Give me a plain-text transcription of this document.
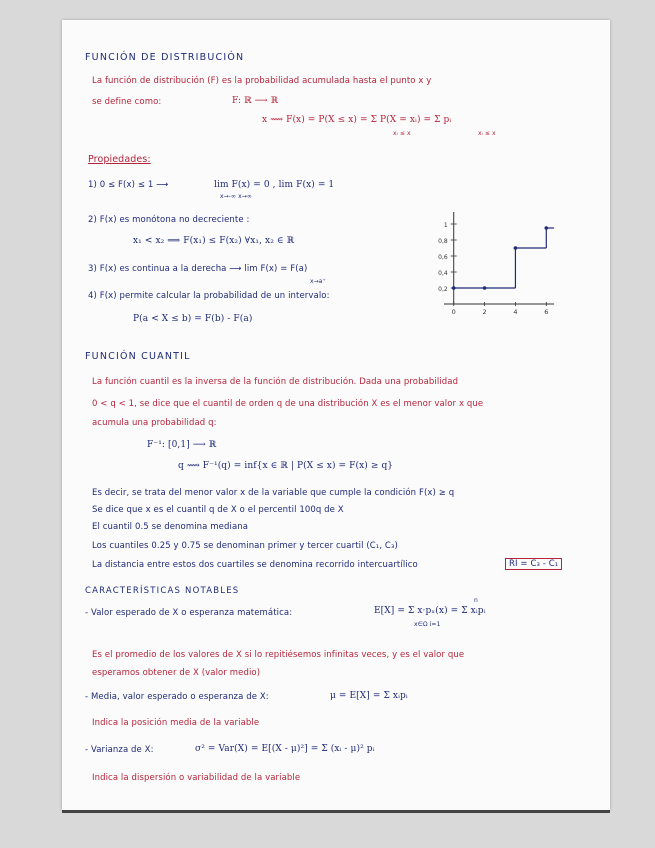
FUNCIÓN DE DISTRIBUCIÓN
La función de distribución (F) es la probabilidad acumulada hasta el punto x y
se define como:	F: ℝ ⟶ ℝ
x ⟿ F(x) = P(X ≤ x) = Σ P(X = xᵢ) = Σ pᵢ
xᵢ ≤ x	xᵢ ≤ x
Propiedades:
1) 0 ≤ F(x) ≤ 1 ⟶	lim F(x) = 0 , lim F(x) = 1
x→-∞ x→∞
2) F(x) es monótona no decreciente :
x₁ < x₂ ⟹ F(x₁) ≤ F(x₂) ∀x₁, x₂ ∈ ℝ
3) F(x) es continua a la derecha ⟶ lim F(x) = F(a)
x→a⁺
4) F(x) permite calcular la probabilidad de un intervalo:
P(a < X ≤ b) = F(b) - F(a)
1
0,8
0,6
0,4
0,2
0	2	4	6
FUNCIÓN CUANTIL
La función cuantil es la inversa de la función de distribución. Dada una probabilidad
0 < q < 1, se dice que el cuantil de orden q de una distribución X es el menor valor x que
acumula una probabilidad q:
F⁻¹: [0,1] ⟶ ℝ
q ⟿ F⁻¹(q) = inf{x ∈ ℝ | P(X ≤ x) = F(x) ≥ q}
Es decir, se trata del menor valor x de la variable que cumple la condición F(x) ≥ q
Se dice que x es el cuantil q de X o el percentil 100q de X
El cuantil 0.5 se denomina mediana
Los cuantiles 0.25 y 0.75 se denominan primer y tercer cuartil (C₁, C₃)
La distancia entre estos dos cuartiles se denomina recorrido intercuartílico	RI = C₃ - C₁
CARACTERÍSTICAS NOTABLES
- Valor esperado de X o esperanza matemática:	E[X] = Σ x·pₓ(x) = Σ xᵢpᵢ
n
x∈Ω i=1
Es el promedio de los valores de X si lo repitiésemos infinitas veces, y es el valor que
esperamos obtener de X (valor medio)
- Media, valor esperado o esperanza de X:	μ = E[X] = Σ xᵢpᵢ
Indica la posición media de la variable
- Varianza de X:	σ² = Var(X) = E[(X - μ)²] = Σ (xᵢ - μ)² pᵢ
Indica la dispersión o variabilidad de la variable
